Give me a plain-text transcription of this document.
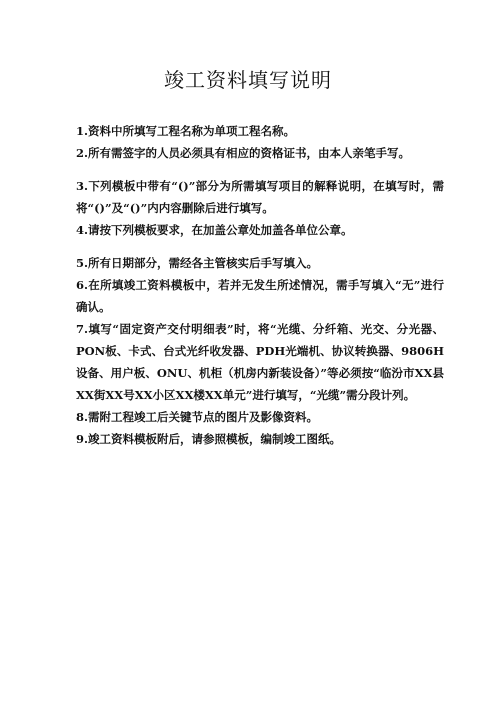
竣工资料填写说明

1.资料中所填写工程名称为单项工程名称。

2.所有需签字的人员必须具有相应的资格证书，由本人亲笔手写。

3.下列模板中带有“()”部分为所需填写项目的解释说明，在填写时，需将“()”及“()”内内容删除后进行填写。

4.请按下列模板要求，在加盖公章处加盖各单位公章。

5.所有日期部分，需经各主管核实后手写填入。

6.在所填竣工资料模板中，若并无发生所述情况，需手写填入“无”进行确认。

7.填写“固定资产交付明细表”时，将“光缆、分纤箱、光交、分光器、PON板、卡式、台式光纤收发器、PDH光端机、协议转换器、9806H设备、用户板、ONU、机柜（机房内新装设备）”等必须按“临汾市XX县XX街XX号XX小区XX楼XX单元”进行填写，“光缆”需分段计列。

8.需附工程竣工后关键节点的图片及影像资料。

9.竣工资料模板附后，请参照模板，编制竣工图纸。
